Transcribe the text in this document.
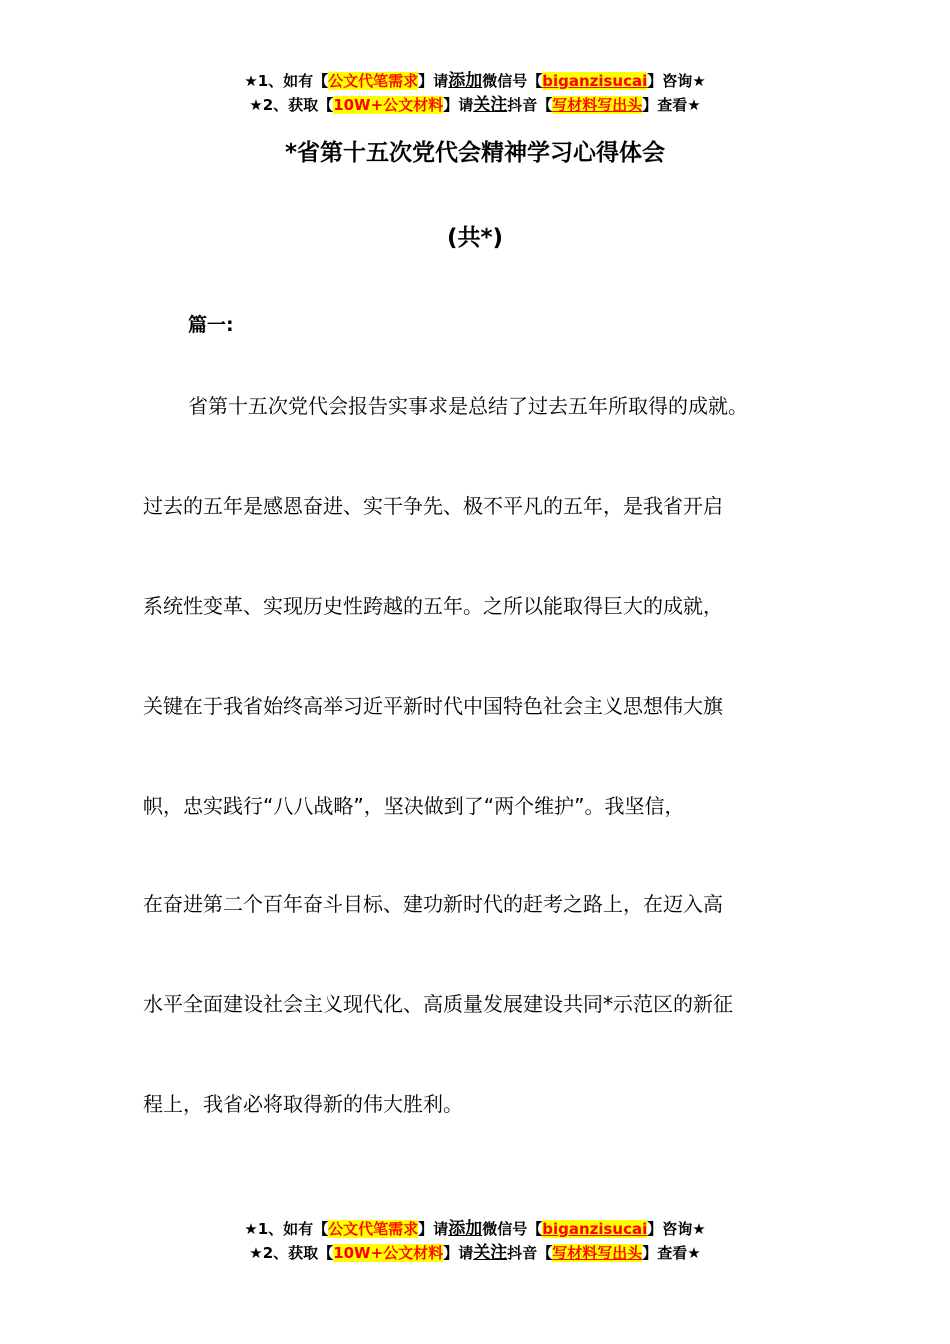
★1、如有【公文代笔需求】请添加微信号【biganzisucai】咨询★
★2、获取【10W+公文材料】请关注抖音【写材料写出头】查看★
*省第十五次党代会精神学习心得体会
(共*)
篇一:
省第十五次党代会报告实事求是总结了过去五年所取得的成就。
过去的五年是感恩奋进、实干争先、极不平凡的五年，是我省开启
系统性变革、实现历史性跨越的五年。之所以能取得巨大的成就，
关键在于我省始终高举习近平新时代中国特色社会主义思想伟大旗
帜，忠实践行“八八战略”，坚决做到了“两个维护”。我坚信，
在奋进第二个百年奋斗目标、建功新时代的赶考之路上，在迈入高
水平全面建设社会主义现代化、高质量发展建设共同*示范区的新征
程上，我省必将取得新的伟大胜利。
★1、如有【公文代笔需求】请添加微信号【biganzisucai】咨询★
★2、获取【10W+公文材料】请关注抖音【写材料写出头】查看★
